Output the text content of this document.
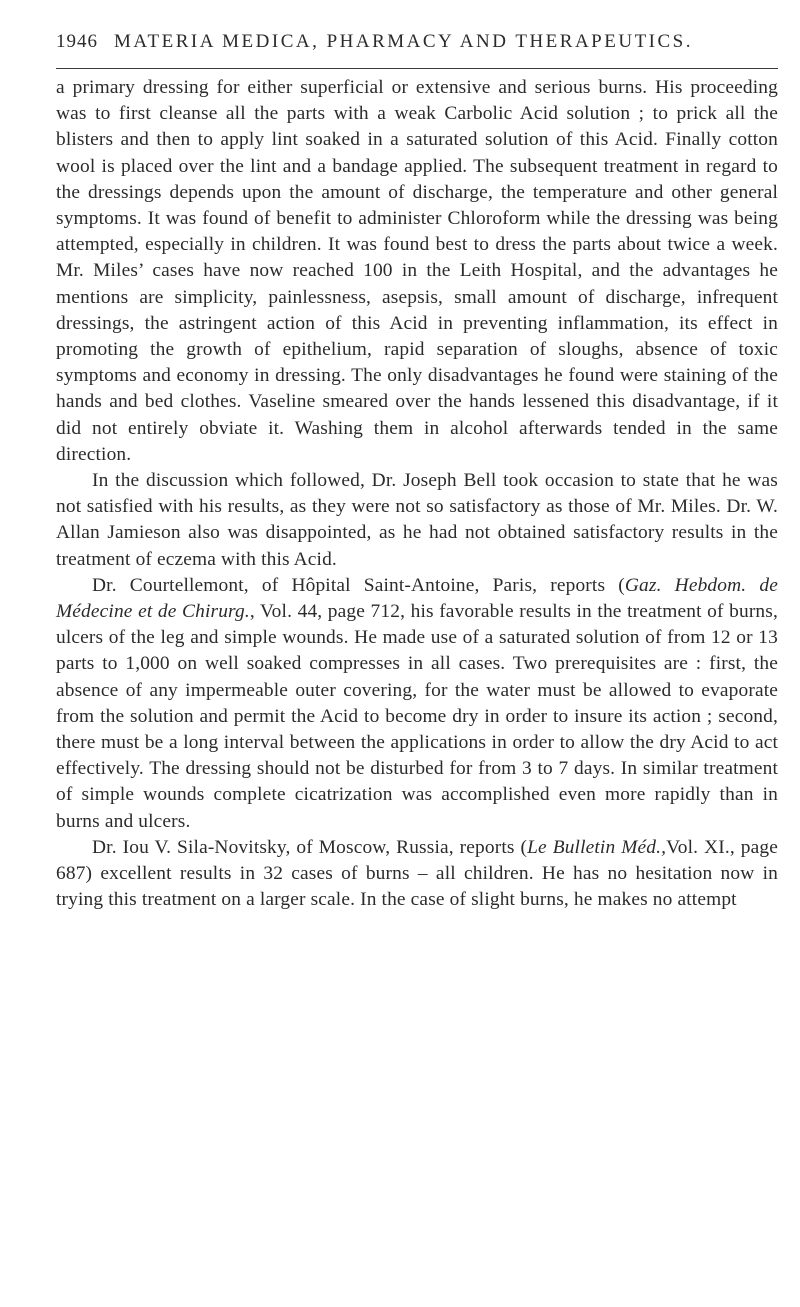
1946 MATERIA MEDICA, PHARMACY AND THERAPEUTICS.

a primary dressing for either superficial or extensive and serious burns. His proceeding was to first cleanse all the parts with a weak Carbolic Acid solution ; to prick all the blisters and then to apply lint soaked in a saturated solution of this Acid. Finally cotton wool is placed over the lint and a bandage applied. The subsequent treatment in regard to the dressings depends upon the amount of discharge, the temperature and other general symptoms. It was found of benefit to administer Chloroform while the dressing was being attempted, especially in children. It was found best to dress the parts about twice a week. Mr. Miles’ cases have now reached 100 in the Leith Hospital, and the advantages he mentions are simplicity, painlessness, asepsis, small amount of discharge, infrequent dressings, the astringent action of this Acid in preventing inflammation, its effect in promoting the growth of epithelium, rapid separation of sloughs, absence of toxic symptoms and economy in dressing. The only disadvantages he found were staining of the hands and bed clothes. Vaseline smeared over the hands lessened this disadvantage, if it did not entirely obviate it. Washing them in alcohol afterwards tended in the same direction.

In the discussion which followed, Dr. Joseph Bell took occasion to state that he was not satisfied with his results, as they were not so satisfactory as those of Mr. Miles. Dr. W. Allan Jamieson also was disappointed, as he had not obtained satisfactory results in the treatment of eczema with this Acid.

Dr. Courtellemont, of Hôpital Saint-Antoine, Paris, reports (Gaz. Hebdom. de Médecine et de Chirurg., Vol. 44, page 712, his favorable results in the treatment of burns, ulcers of the leg and simple wounds. He made use of a saturated solution of from 12 or 13 parts to 1,000 on well soaked compresses in all cases. Two prerequisites are : first, the absence of any impermeable outer covering, for the water must be allowed to evaporate from the solution and permit the Acid to become dry in order to insure its action ; second, there must be a long interval between the applications in order to allow the dry Acid to act effectively. The dressing should not be disturbed for from 3 to 7 days. In similar treatment of simple wounds complete cicatrization was accomplished even more rapidly than in burns and ulcers.

Dr. Iou V. Sila-Novitsky, of Moscow, Russia, reports (Le Bulletin Méd.,Vol. XI., page 687) excellent results in 32 cases of burns – all children. He has no hesitation now in trying this treatment on a larger scale. In the case of slight burns, he makes no attempt
